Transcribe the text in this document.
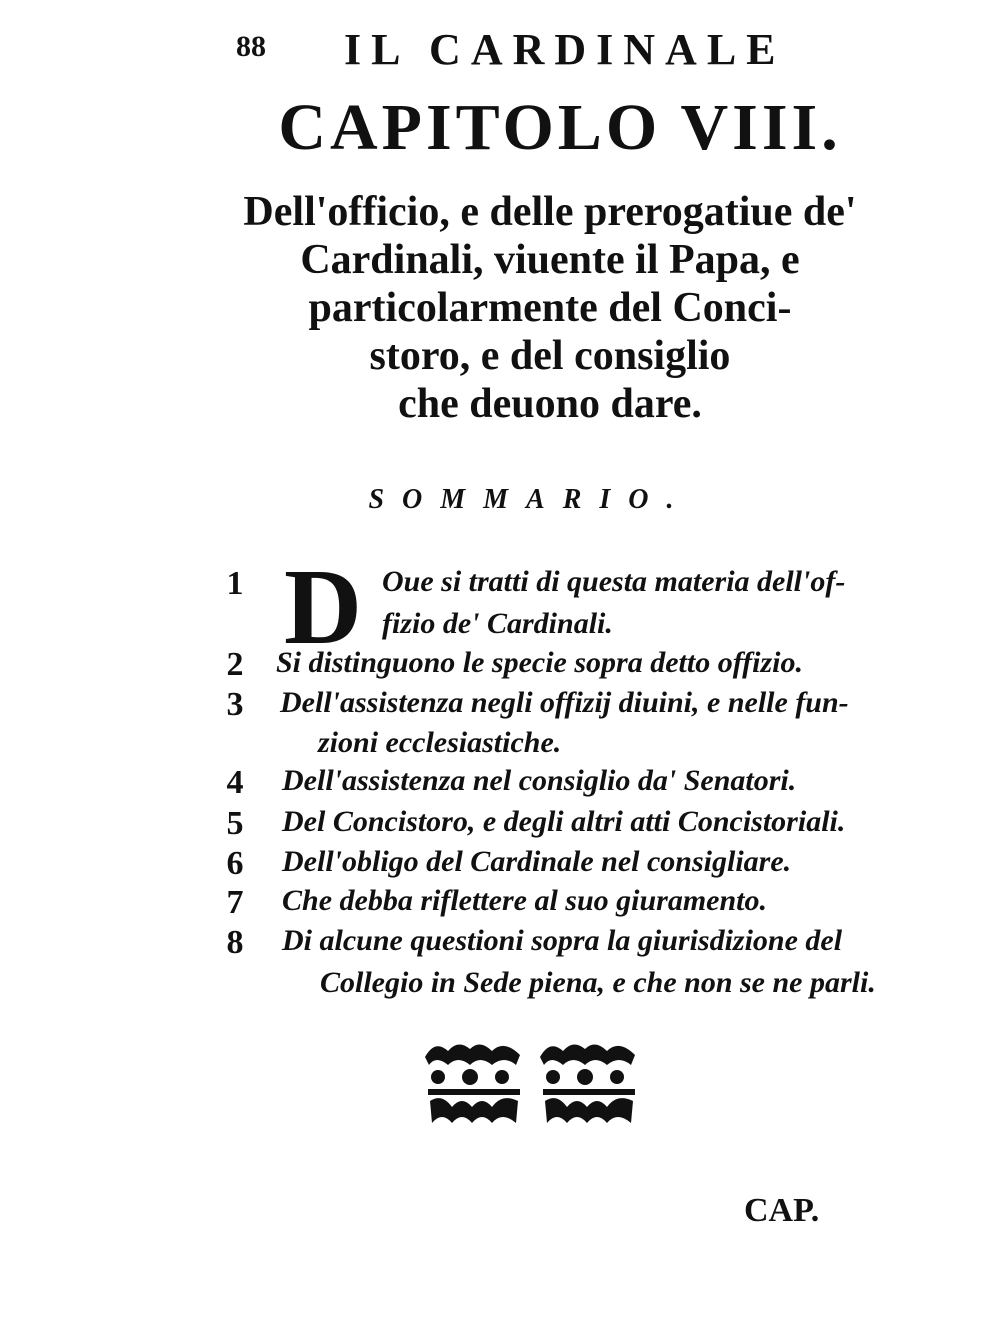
88 IL CARDINALE
CAPITOLO VIII.
Dell'officio, e delle prerogatiue de'
Cardinali, viuente il Papa, e
particolarmente del Conci-
storo, e del consiglio
che deuono dare.
SOMMARIO.
D
1	Oue si tratti di questa materia dell'of-
fizio de' Cardinali.
2 Si distinguono le specie sopra detto offizio.
3 Dell'assistenza negli offizij diuini, e nelle fun-
zioni ecclesiastiche.
4 Dell'assistenza nel consiglio da' Senatori.
5 Del Concistoro, e degli altri atti Concistoriali.
6 Dell'obligo del Cardinale nel consigliare.
7 Che debba riflettere al suo giuramento.
8 Di alcune questioni sopra la giurisdizione del
Collegio in Sede piena, e che non se ne parli.
CAP.
